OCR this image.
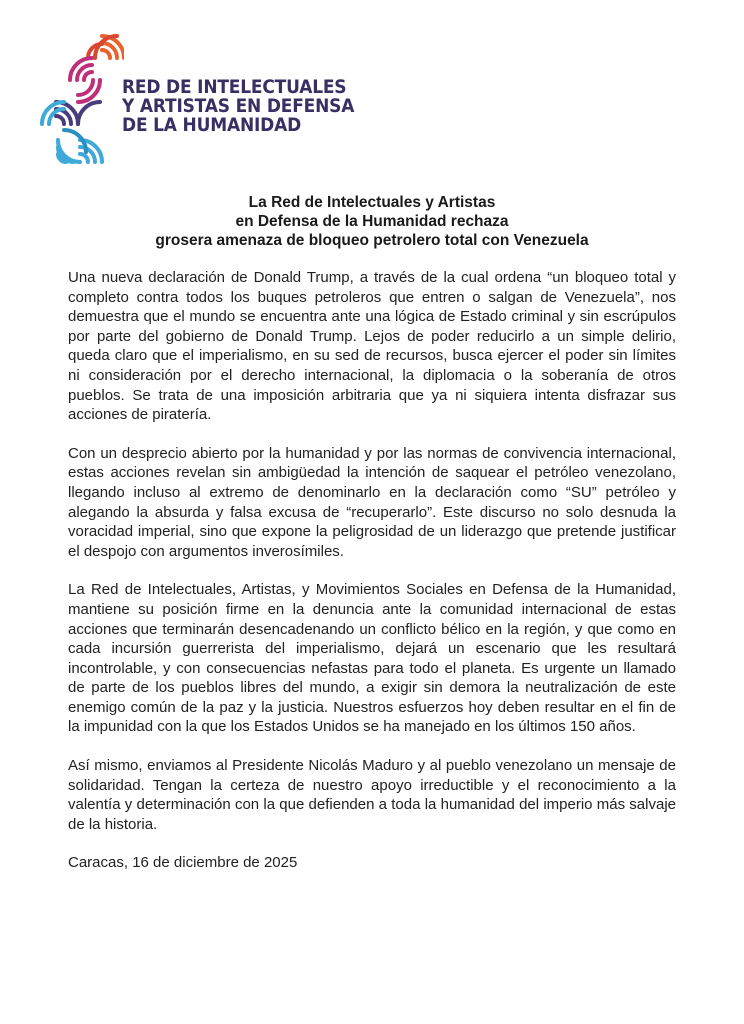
RED DE INTELECTUALES
Y ARTISTAS EN DEFENSA
DE LA HUMANIDAD
La Red de Intelectuales y Artistas
en Defensa de la Humanidad rechaza
grosera amenaza de bloqueo petrolero total con Venezuela

Una nueva declaración de Donald Trump, a través de la cual ordena “un bloqueo total y completo contra todos los buques petroleros que entren o salgan de Venezuela”, nos demuestra que el mundo se encuentra ante una lógica de Estado criminal y sin escrúpulos por parte del gobierno de Donald Trump. Lejos de poder reducirlo a un simple delirio, queda claro que el imperialismo, en su sed de recursos, busca ejercer el poder sin límites ni consideración por el derecho internacional, la diplomacia o la soberanía de otros pueblos. Se trata de una imposición arbitraria que ya ni siquiera intenta disfrazar sus acciones de piratería.

Con un desprecio abierto por la humanidad y por las normas de convivencia internacional, estas acciones revelan sin ambigüedad la intención de saquear el petróleo venezolano, llegando incluso al extremo de denominarlo en la declaración como “SU” petróleo y alegando la absurda y falsa excusa de “recuperarlo”. Este discurso no solo desnuda la voracidad imperial, sino que expone la peligrosidad de un liderazgo que pretende justificar el despojo con argumentos inverosímiles.

La Red de Intelectuales, Artistas, y Movimientos Sociales en Defensa de la Humanidad, mantiene su posición firme en la denuncia ante la comunidad internacional de estas acciones que terminarán desencadenando un conflicto bélico en la región, y que como en cada incursión guerrerista del imperialismo, dejará un escenario que les resultará incontrolable, y con consecuencias nefastas para todo el planeta. Es urgente un llamado de parte de los pueblos libres del mundo, a exigir sin demora la neutralización de este enemigo común de la paz y la justicia. Nuestros esfuerzos hoy deben resultar en el fin de la impunidad con la que los Estados Unidos se ha manejado en los últimos 150 años.

Así mismo, enviamos al Presidente Nicolás Maduro y al pueblo venezolano un mensaje de solidaridad. Tengan la certeza de nuestro apoyo irreductible y el reconocimiento a la valentía y determinación con la que defienden a toda la humanidad del imperio más salvaje de la historia.

Caracas, 16 de diciembre de 2025
